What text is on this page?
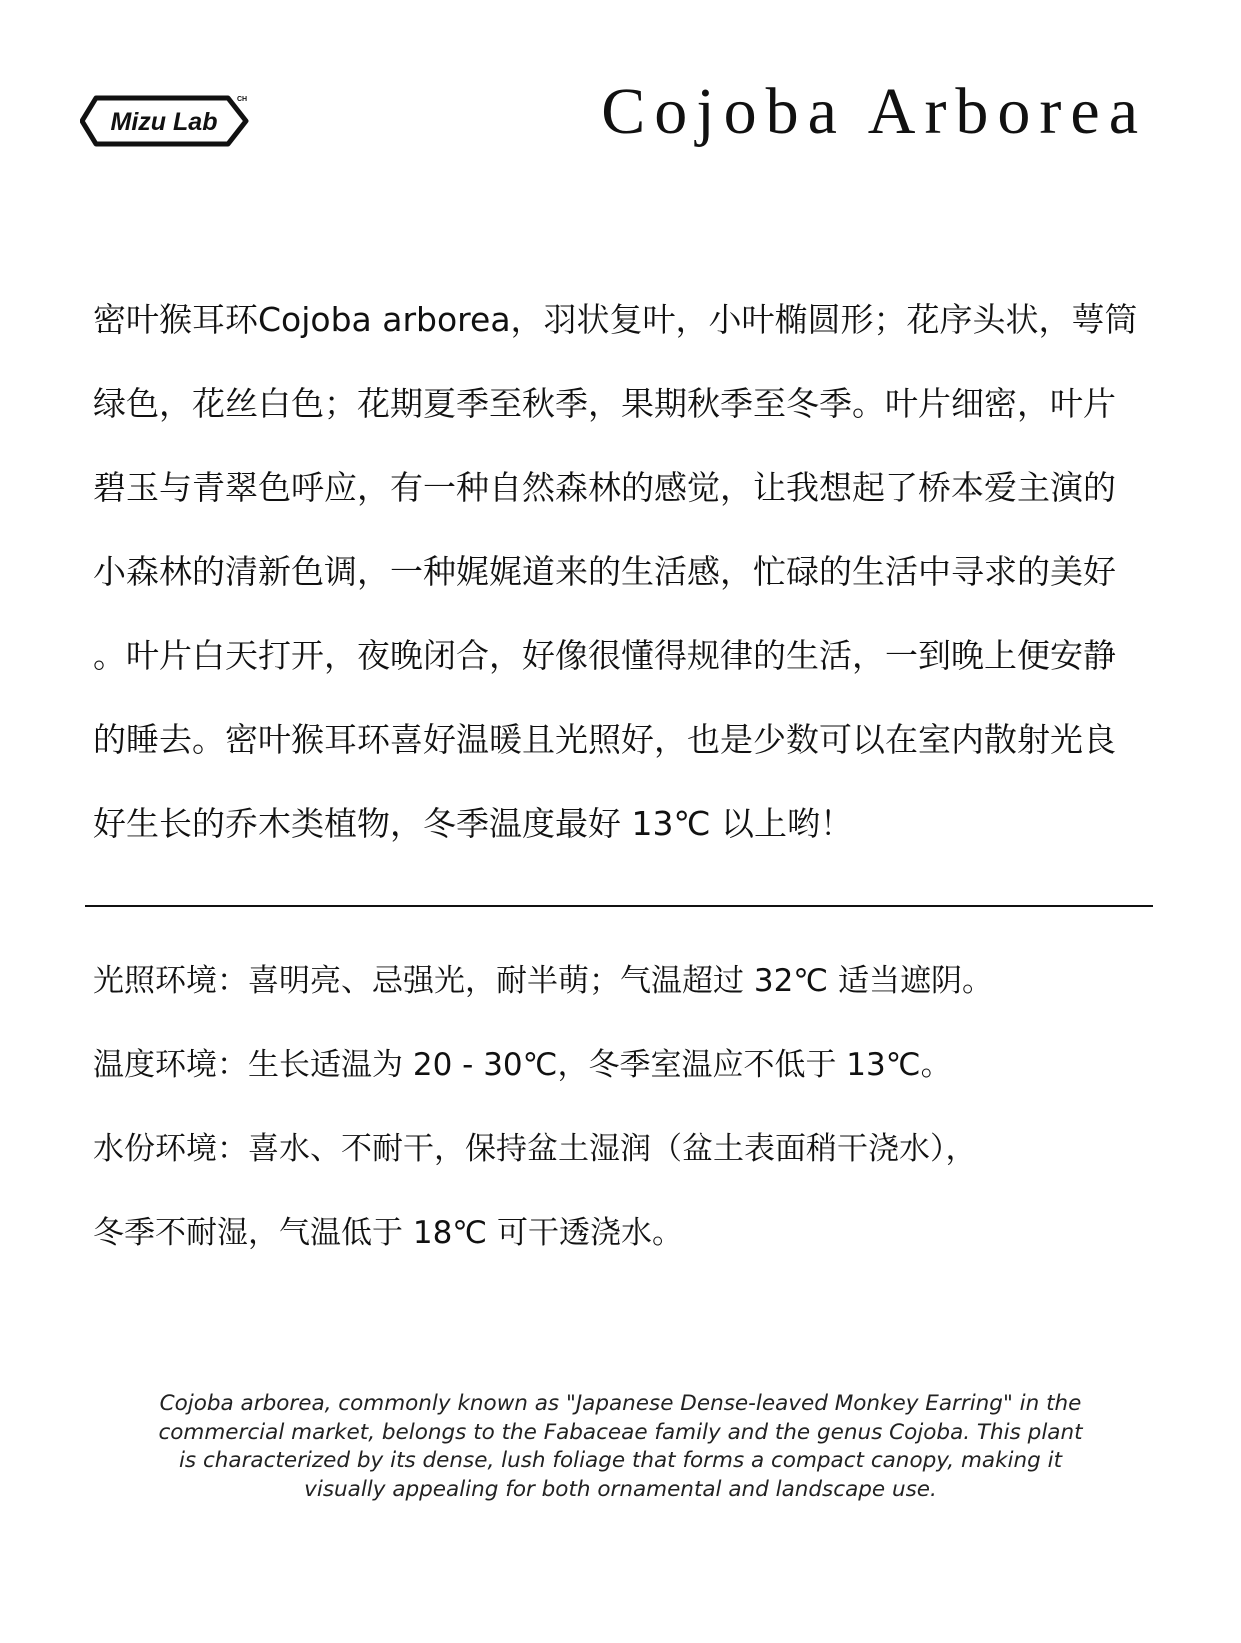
Mizu Lab
CH	Cojoba Arborea
密叶猴耳环Cojoba arborea，羽状复叶，小叶椭圆形；花序头状，萼筒
绿色，花丝白色；花期夏季至秋季，果期秋季至冬季。叶片细密，叶片
碧玉与青翠色呼应，有一种自然森林的感觉，让我想起了桥本爱主演的
小森林的清新色调，一种娓娓道来的生活感，忙碌的生活中寻求的美好
。叶片白天打开，夜晚闭合，好像很懂得规律的生活，一到晚上便安静
的睡去。密叶猴耳环喜好温暖且光照好，也是少数可以在室内散射光良
好生长的乔木类植物，冬季温度最好 13℃ 以上哟！
光照环境：喜明亮、忌强光，耐半萌；气温超过 32℃ 适当遮阴。
温度环境：生长适温为 20 - 30℃，冬季室温应不低于 13℃。
水份环境：喜水、不耐干，保持盆土湿润（盆土表面稍干浇水），
冬季不耐湿，气温低于 18℃ 可干透浇水。
Cojoba arborea, commonly known as "Japanese Dense-leaved Monkey Earring" in the
commercial market, belongs to the Fabaceae family and the genus Cojoba. This plant
is characterized by its dense, lush foliage that forms a compact canopy, making it
visually appealing for both ornamental and landscape use.
